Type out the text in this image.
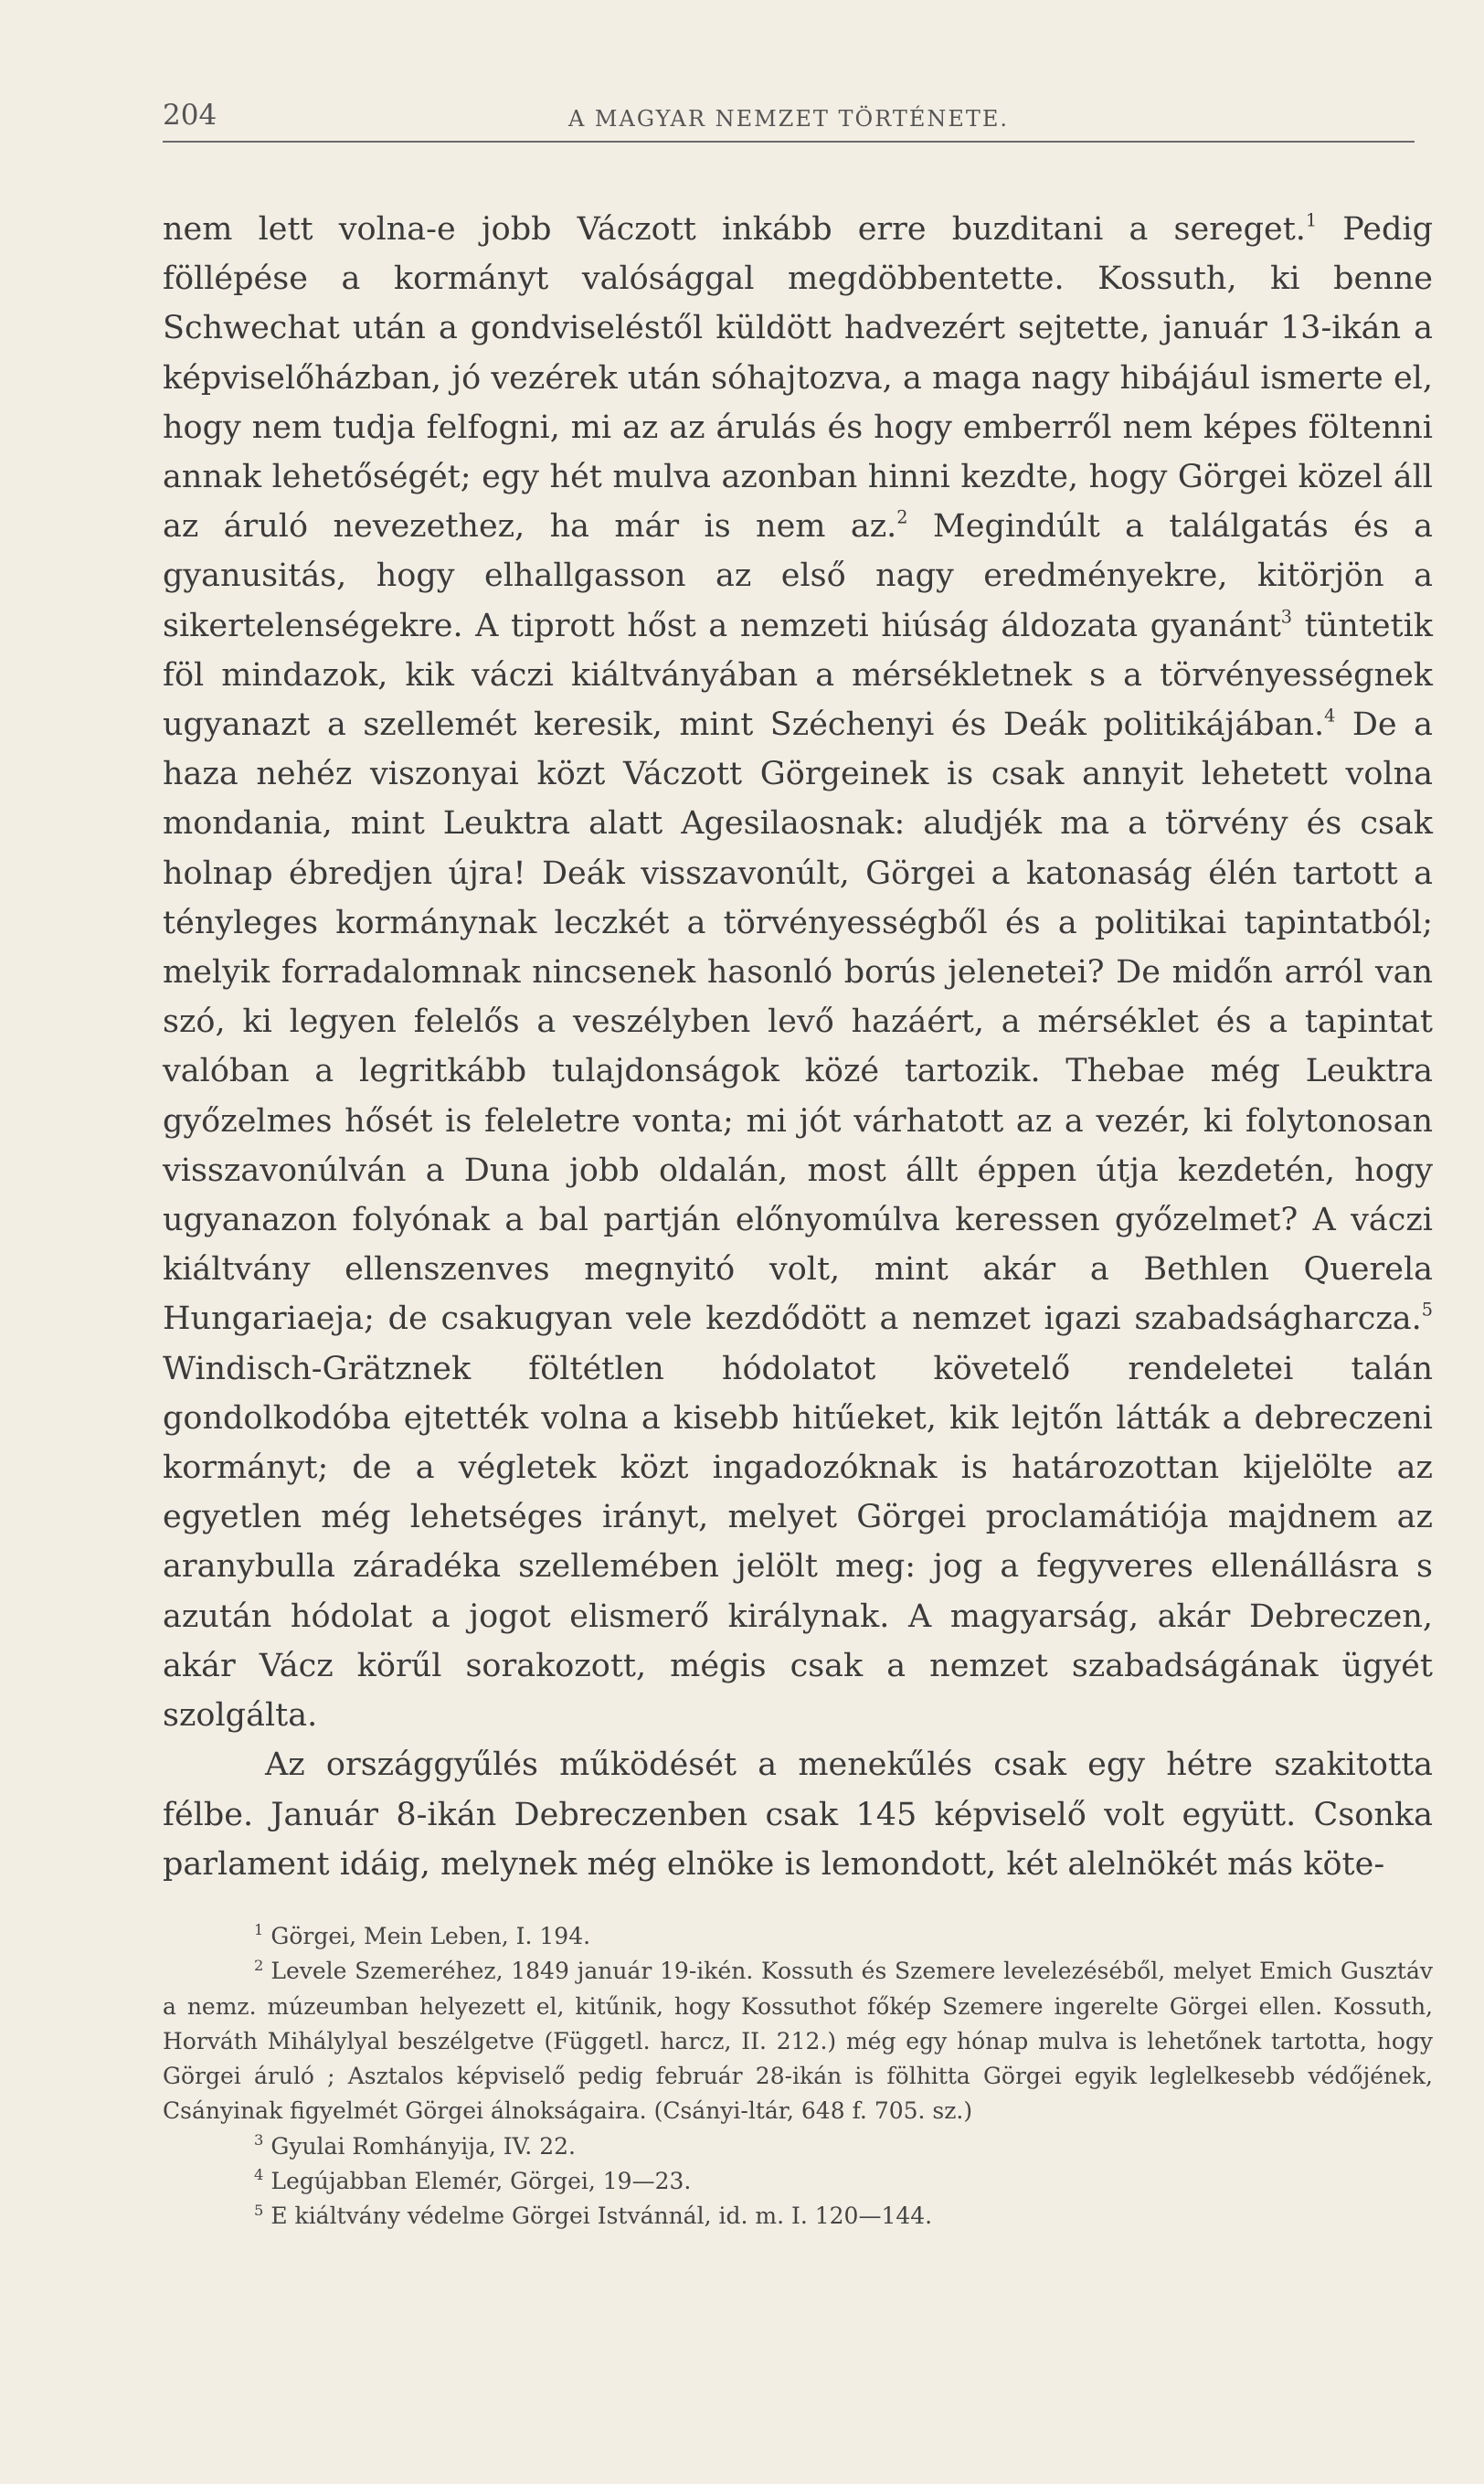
204	A MAGYAR NEMZET TÖRTÉNETE.

nem lett volna-e jobb Váczott inkább erre buzditani a sereget.$^1$ Pedig föllépése a kormányt valósággal megdöbbentette. Kossuth, ki benne Schwechat után a gondviseléstől küldött hadvezért sejtette, január 13-ikán a képviselőházban, jó vezérek után sóhajtozva, a maga nagy hibájául ismerte el, hogy nem tudja felfogni, mi az az árulás és hogy emberről nem képes föltenni annak lehetőségét; egy hét mulva azonban hinni kezdte, hogy Görgei közel áll az áruló nevezethez, ha már is nem az.$^2$ Megindúlt a találgatás és a gyanusitás, hogy elhallgasson az első nagy eredményekre, kitörjön a sikertelenségekre. A tiprott hőst a nemzeti hiúság áldozata gyanánt$^3$ tüntetik föl mindazok, kik váczi kiáltványában a mérsékletnek s a törvényességnek ugyanazt a szellemét keresik, mint Széchenyi és Deák politikájában.$^4$ De a haza nehéz viszonyai közt Váczott Görgeinek is csak annyit lehetett volna mondania, mint Leuktra alatt Agesilaosnak: aludjék ma a törvény és csak holnap ébredjen újra! Deák visszavonúlt, Görgei a katonaság élén tartott a tényleges kormánynak leczkét a törvényességből és a politikai tapintatból; melyik forradalomnak nincsenek hasonló borús jelenetei? De midőn arról van szó, ki legyen felelős a veszélyben levő hazáért, a mérséklet és a tapintat valóban a legritkább tulajdonságok közé tartozik. Thebae még Leuktra győzelmes hősét is feleletre vonta; mi jót várhatott az a vezér, ki folytonosan visszavonúlván a Duna jobb oldalán, most állt éppen útja kezdetén, hogy ugyanazon folyónak a bal partján előnyomúlva keressen győzelmet? A váczi kiáltvány ellenszenves megnyitó volt, mint akár a Bethlen Querela Hungariaeja; de csakugyan vele kezdődött a nemzet igazi szabadságharcza.$^5$ Windisch-Grätznek föltétlen hódolatot követelő rendeletei talán gondolkodóba ejtették volna a kisebb hitűeket, kik lejtőn látták a debreczeni kormányt; de a végletek közt ingadozóknak is határozottan kijelölte az egyetlen még lehetséges irányt, melyet Görgei proclamátiója majdnem az aranybulla záradéka szellemében jelölt meg: jog a fegyveres ellenállásra s azután hódolat a jogot elismerő királynak. A magyarság, akár Debreczen, akár Vácz körűl sorakozott, mégis csak a nemzet szabadságának ügyét szolgálta.

Az országgyűlés működését a menekűlés csak egy hétre szakitotta félbe. Január 8-ikán Debreczenben csak 145 képviselő volt együtt. Csonka parlament idáig, melynek még elnöke is lemondott, két alelnökét más köte-

$^1$ Görgei, Mein Leben, I. 194.

$^2$ Levele Szemeréhez, 1849 január 19-ikén. Kossuth és Szemere levelezéséből, melyet Emich Gusztáv a nemz. múzeumban helyezett el, kitűnik, hogy Kossuthot főkép Szemere ingerelte Görgei ellen. Kossuth, Horváth Mihálylyal beszélgetve (Függetl. harcz, II. 212.) még egy hónap mulva is lehetőnek tartotta, hogy Görgei áruló ; Asztalos képviselő pedig február 28-ikán is fölhitta Görgei egyik leglelkesebb védőjének, Csányinak figyelmét Görgei álnokságaira. (Csányi-ltár, 648 f. 705. sz.)

$^3$ Gyulai Romhányija, IV. 22.

$^4$ Legújabban Elemér, Görgei, 19—23.

$^5$ E kiáltvány védelme Görgei Istvánnál, id. m. I. 120—144.
